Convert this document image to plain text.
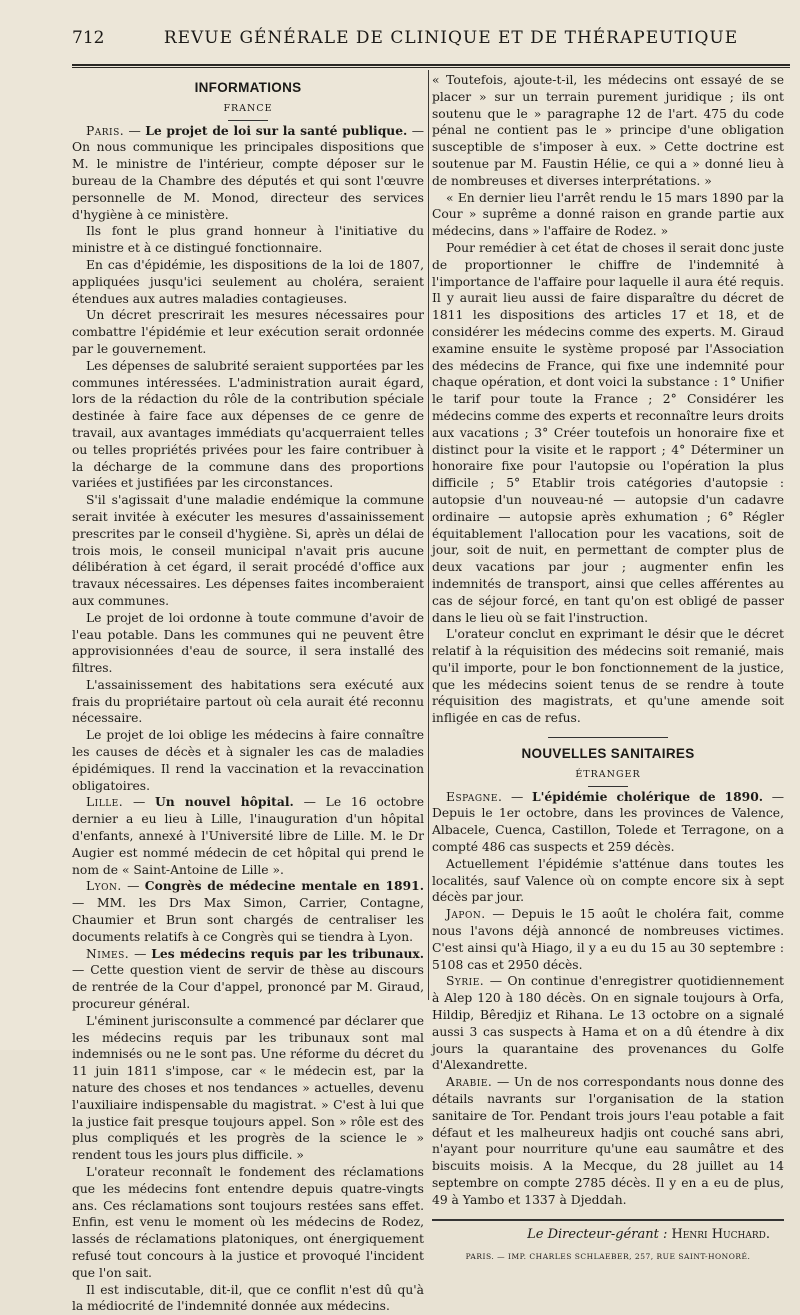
712	REVUE GÉNÉRALE DE CLINIQUE ET DE THÉRAPEUTIQUE
INFORMATIONS
FRANCE

Paris. — Le projet de loi sur la santé publique. — On nous communique les principales dispositions que M. le ministre de l'intérieur, compte déposer sur le bureau de la Chambre des députés et qui sont l'œuvre personnelle de M. Monod, directeur des services d'hygiène à ce ministère.

Ils font le plus grand honneur à l'initiative du ministre et à ce distingué fonctionnaire.

En cas d'épidémie, les dispositions de la loi de 1807, appliquées jusqu'ici seulement au choléra, seraient étendues aux autres maladies contagieuses.

Un décret prescrirait les mesures nécessaires pour combattre l'épidémie et leur exécution serait ordonnée par le gouvernement.

Les dépenses de salubrité seraient supportées par les communes intéressées. L'administration aurait égard, lors de la rédaction du rôle de la contribution spéciale destinée à faire face aux dépenses de ce genre de travail, aux avantages immédiats qu'acquerraient telles ou telles propriétés privées pour les faire contribuer à la décharge de la commune dans des proportions variées et justifiées par les circonstances.

S'il s'agissait d'une maladie endémique la commune serait invitée à exécuter les mesures d'assainissement prescrites par le conseil d'hygiène. Si, après un délai de trois mois, le conseil municipal n'avait pris aucune délibération à cet égard, il serait procédé d'office aux travaux nécessaires. Les dépenses faites incomberaient aux communes.

Le projet de loi ordonne à toute commune d'avoir de l'eau potable. Dans les communes qui ne peuvent être approvisionnées d'eau de source, il sera installé des filtres.

L'assainissement des habitations sera exécuté aux frais du propriétaire partout où cela aurait été reconnu nécessaire.

Le projet de loi oblige les médecins à faire connaître les causes de décès et à signaler les cas de maladies épidémiques. Il rend la vaccination et la revaccination obligatoires.

Lille. — Un nouvel hôpital. — Le 16 octobre dernier a eu lieu à Lille, l'inauguration d'un hôpital d'enfants, annexé à l'Université libre de Lille. M. le Dr Augier est nommé médecin de cet hôpital qui prend le nom de « Saint-Antoine de Lille ».

Lyon. — Congrès de médecine mentale en 1891. — MM. les Drs Max Simon, Carrier, Contagne, Chaumier et Brun sont chargés de centraliser les documents relatifs à ce Congrès qui se tiendra à Lyon.

Nimes. — Les médecins requis par les tribunaux. — Cette question vient de servir de thèse au discours de rentrée de la Cour d'appel, prononcé par M. Giraud, procureur général.

L'éminent jurisconsulte a commencé par déclarer que les médecins requis par les tribunaux sont mal indemnisés ou ne le sont pas. Une réforme du décret du 11 juin 1811 s'impose, car « le médecin est, par la nature des choses et nos tendances » actuelles, devenu l'auxiliaire indispensable du magistrat. » C'est à lui que la justice fait presque toujours appel. Son » rôle est des plus compliqués et les progrès de la science le » rendent tous les jours plus difficile. »

L'orateur reconnaît le fondement des réclamations que les médecins font entendre depuis quatre-vingts ans. Ces réclamations sont toujours restées sans effet. Enfin, est venu le moment où les médecins de Rodez, lassés de réclamations platoniques, ont énergiquement refusé tout concours à la justice et provoqué l'incident que l'on sait.

Il est indiscutable, dit-il, que ce conflit n'est dû qu'à la médiocrité de l'indemnité donnée aux médecins.

« Toutefois, ajoute-t-il, les médecins ont essayé de se placer » sur un terrain purement juridique ; ils ont soutenu que le » paragraphe 12 de l'art. 475 du code pénal ne contient pas le » principe d'une obligation susceptible de s'imposer à eux. » Cette doctrine est soutenue par M. Faustin Hélie, ce qui a » donné lieu à de nombreuses et diverses interprétations. »

« En dernier lieu l'arrêt rendu le 15 mars 1890 par la Cour » suprême a donné raison en grande partie aux médecins, dans » l'affaire de Rodez. »

Pour remédier à cet état de choses il serait donc juste de proportionner le chiffre de l'indemnité à l'importance de l'affaire pour laquelle il aura été requis. Il y aurait lieu aussi de faire disparaître du décret de 1811 les dispositions des articles 17 et 18, et de considérer les médecins comme des experts. M. Giraud examine ensuite le système proposé par l'Association des médecins de France, qui fixe une indemnité pour chaque opération, et dont voici la substance : 1° Unifier le tarif pour toute la France ; 2° Considérer les médecins comme des experts et reconnaître leurs droits aux vacations ; 3° Créer toutefois un honoraire fixe et distinct pour la visite et le rapport ; 4° Déterminer un honoraire fixe pour l'autopsie ou l'opération la plus difficile ; 5° Etablir trois catégories d'autopsie : autopsie d'un nouveau-né — autopsie d'un cadavre ordinaire — autopsie après exhumation ; 6° Régler équitablement l'allocation pour les vacations, soit de jour, soit de nuit, en permettant de compter plus de deux vacations par jour ; augmenter enfin les indemnités de transport, ainsi que celles afférentes au cas de séjour forcé, en tant qu'on est obligé de passer dans le lieu où se fait l'instruction.

L'orateur conclut en exprimant le désir que le décret relatif à la réquisition des médecins soit remanié, mais qu'il importe, pour le bon fonctionnement de la justice, que les médecins soient tenus de se rendre à toute réquisition des magistrats, et qu'une amende soit infligée en cas de refus.

NOUVELLES SANITAIRES
ÉTRANGER

Espagne. — L'épidémie cholérique de 1890. — Depuis le 1er octobre, dans les provinces de Valence, Albacele, Cuenca, Castillon, Tolede et Terragone, on a compté 486 cas suspects et 259 décès.

Actuellement l'épidémie s'atténue dans toutes les localités, sauf Valence où on compte encore six à sept décès par jour.

Japon. — Depuis le 15 août le choléra fait, comme nous l'avons déjà annoncé de nombreuses victimes. C'est ainsi qu'à Hiago, il y a eu du 15 au 30 septembre : 5108 cas et 2950 décès.

Syrie. — On continue d'enregistrer quotidiennement à Alep 120 à 180 décès. On en signale toujours à Orfa, Hildip, Bêredjiz et Rihana. Le 13 octobre on a signalé aussi 3 cas suspects à Hama et on a dû étendre à dix jours la quarantaine des provenances du Golfe d'Alexandrette.

Arabie. — Un de nos correspondants nous donne des détails navrants sur l'organisation de la station sanitaire de Tor. Pendant trois jours l'eau potable a fait défaut et les malheureux hadjis ont couché sans abri, n'ayant pour nourriture qu'une eau saumâtre et des biscuits moisis. A la Mecque, du 28 juillet au 14 septembre on compte 2785 décès. Il y en a eu de plus, 49 à Yambo et 1337 à Djeddah.

Le Directeur-gérant : Henri Huchard.
PARIS. — IMP. CHARLES SCHLAEBER, 257, RUE SAINT-HONORÉ.
